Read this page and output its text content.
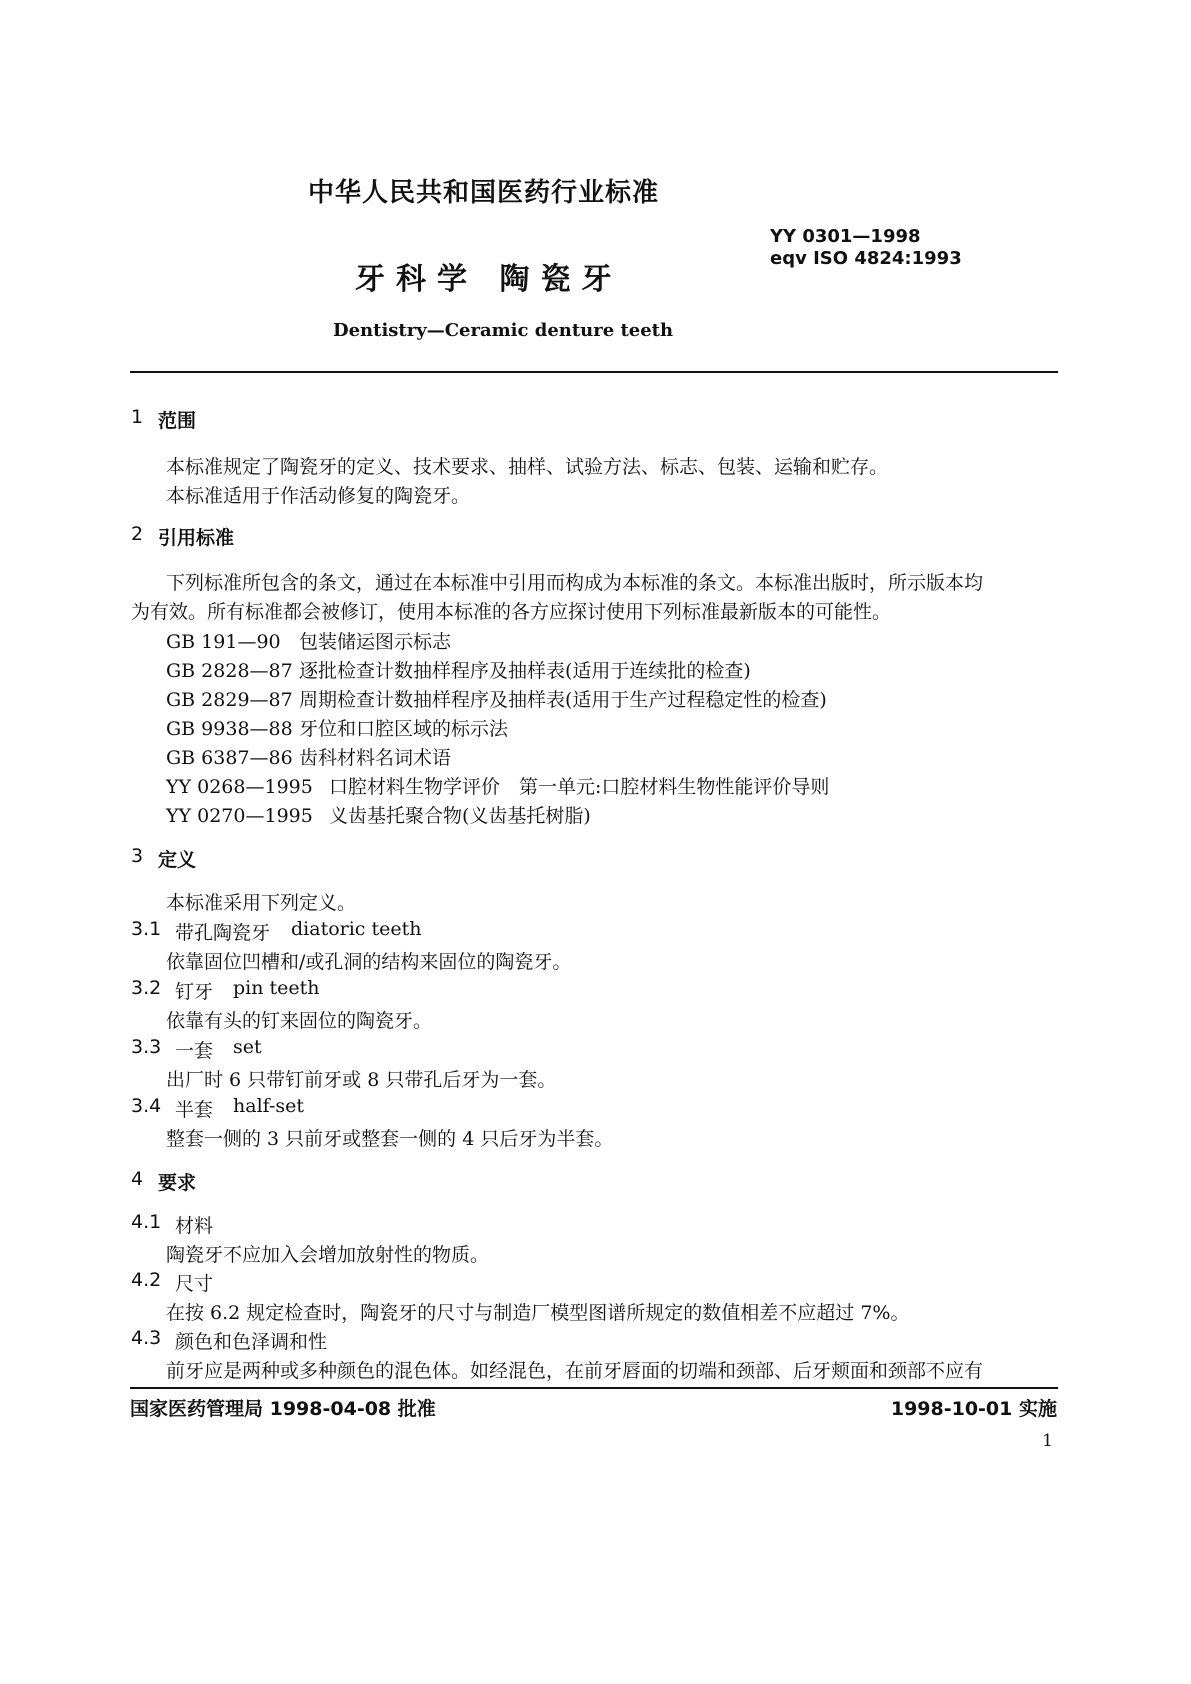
中华人民共和国医药行业标准
YY 0301—1998
eqv ISO 4824:1993
牙科学 陶瓷牙
Dentistry—Ceramic denture teeth
1 范围
本标准规定了陶瓷牙的定义、技术要求、抽样、试验方法、标志、包装、运输和贮存。
本标准适用于作活动修复的陶瓷牙。
2 引用标准
下列标准所包含的条文，通过在本标准中引用而构成为本标准的条文。本标准出版时，所示版本均
为有效。所有标准都会被修订，使用本标准的各方应探讨使用下列标准最新版本的可能性。
GB 191—90 包装储运图示标志
GB 2828—87 逐批检查计数抽样程序及抽样表(适用于连续批的检查)
GB 2829—87 周期检查计数抽样程序及抽样表(适用于生产过程稳定性的检查)
GB 9938—88 牙位和口腔区域的标示法
GB 6387—86 齿科材料名词术语
YY 0268—1995 口腔材料生物学评价　第一单元:口腔材料生物性能评价导则
YY 0270—1995 义齿基托聚合物(义齿基托树脂)
3 定义
本标准采用下列定义。
3.1 带孔陶瓷牙 diatoric teeth
依靠固位凹槽和/或孔洞的结构来固位的陶瓷牙。
3.2 钉牙 pin teeth
依靠有头的钉来固位的陶瓷牙。
3.3 一套 set
出厂时 6 只带钉前牙或 8 只带孔后牙为一套。
3.4 半套 half-set
整套一侧的 3 只前牙或整套一侧的 4 只后牙为半套。
4 要求
4.1 材料
陶瓷牙不应加入会增加放射性的物质。
4.2 尺寸
在按 6.2 规定检查时，陶瓷牙的尺寸与制造厂模型图谱所规定的数值相差不应超过 7%。
4.3 颜色和色泽调和性
前牙应是两种或多种颜色的混色体。如经混色，在前牙唇面的切端和颈部、后牙颊面和颈部不应有
国家医药管理局 1998-04-08 批准	1998-10-01 实施
1
